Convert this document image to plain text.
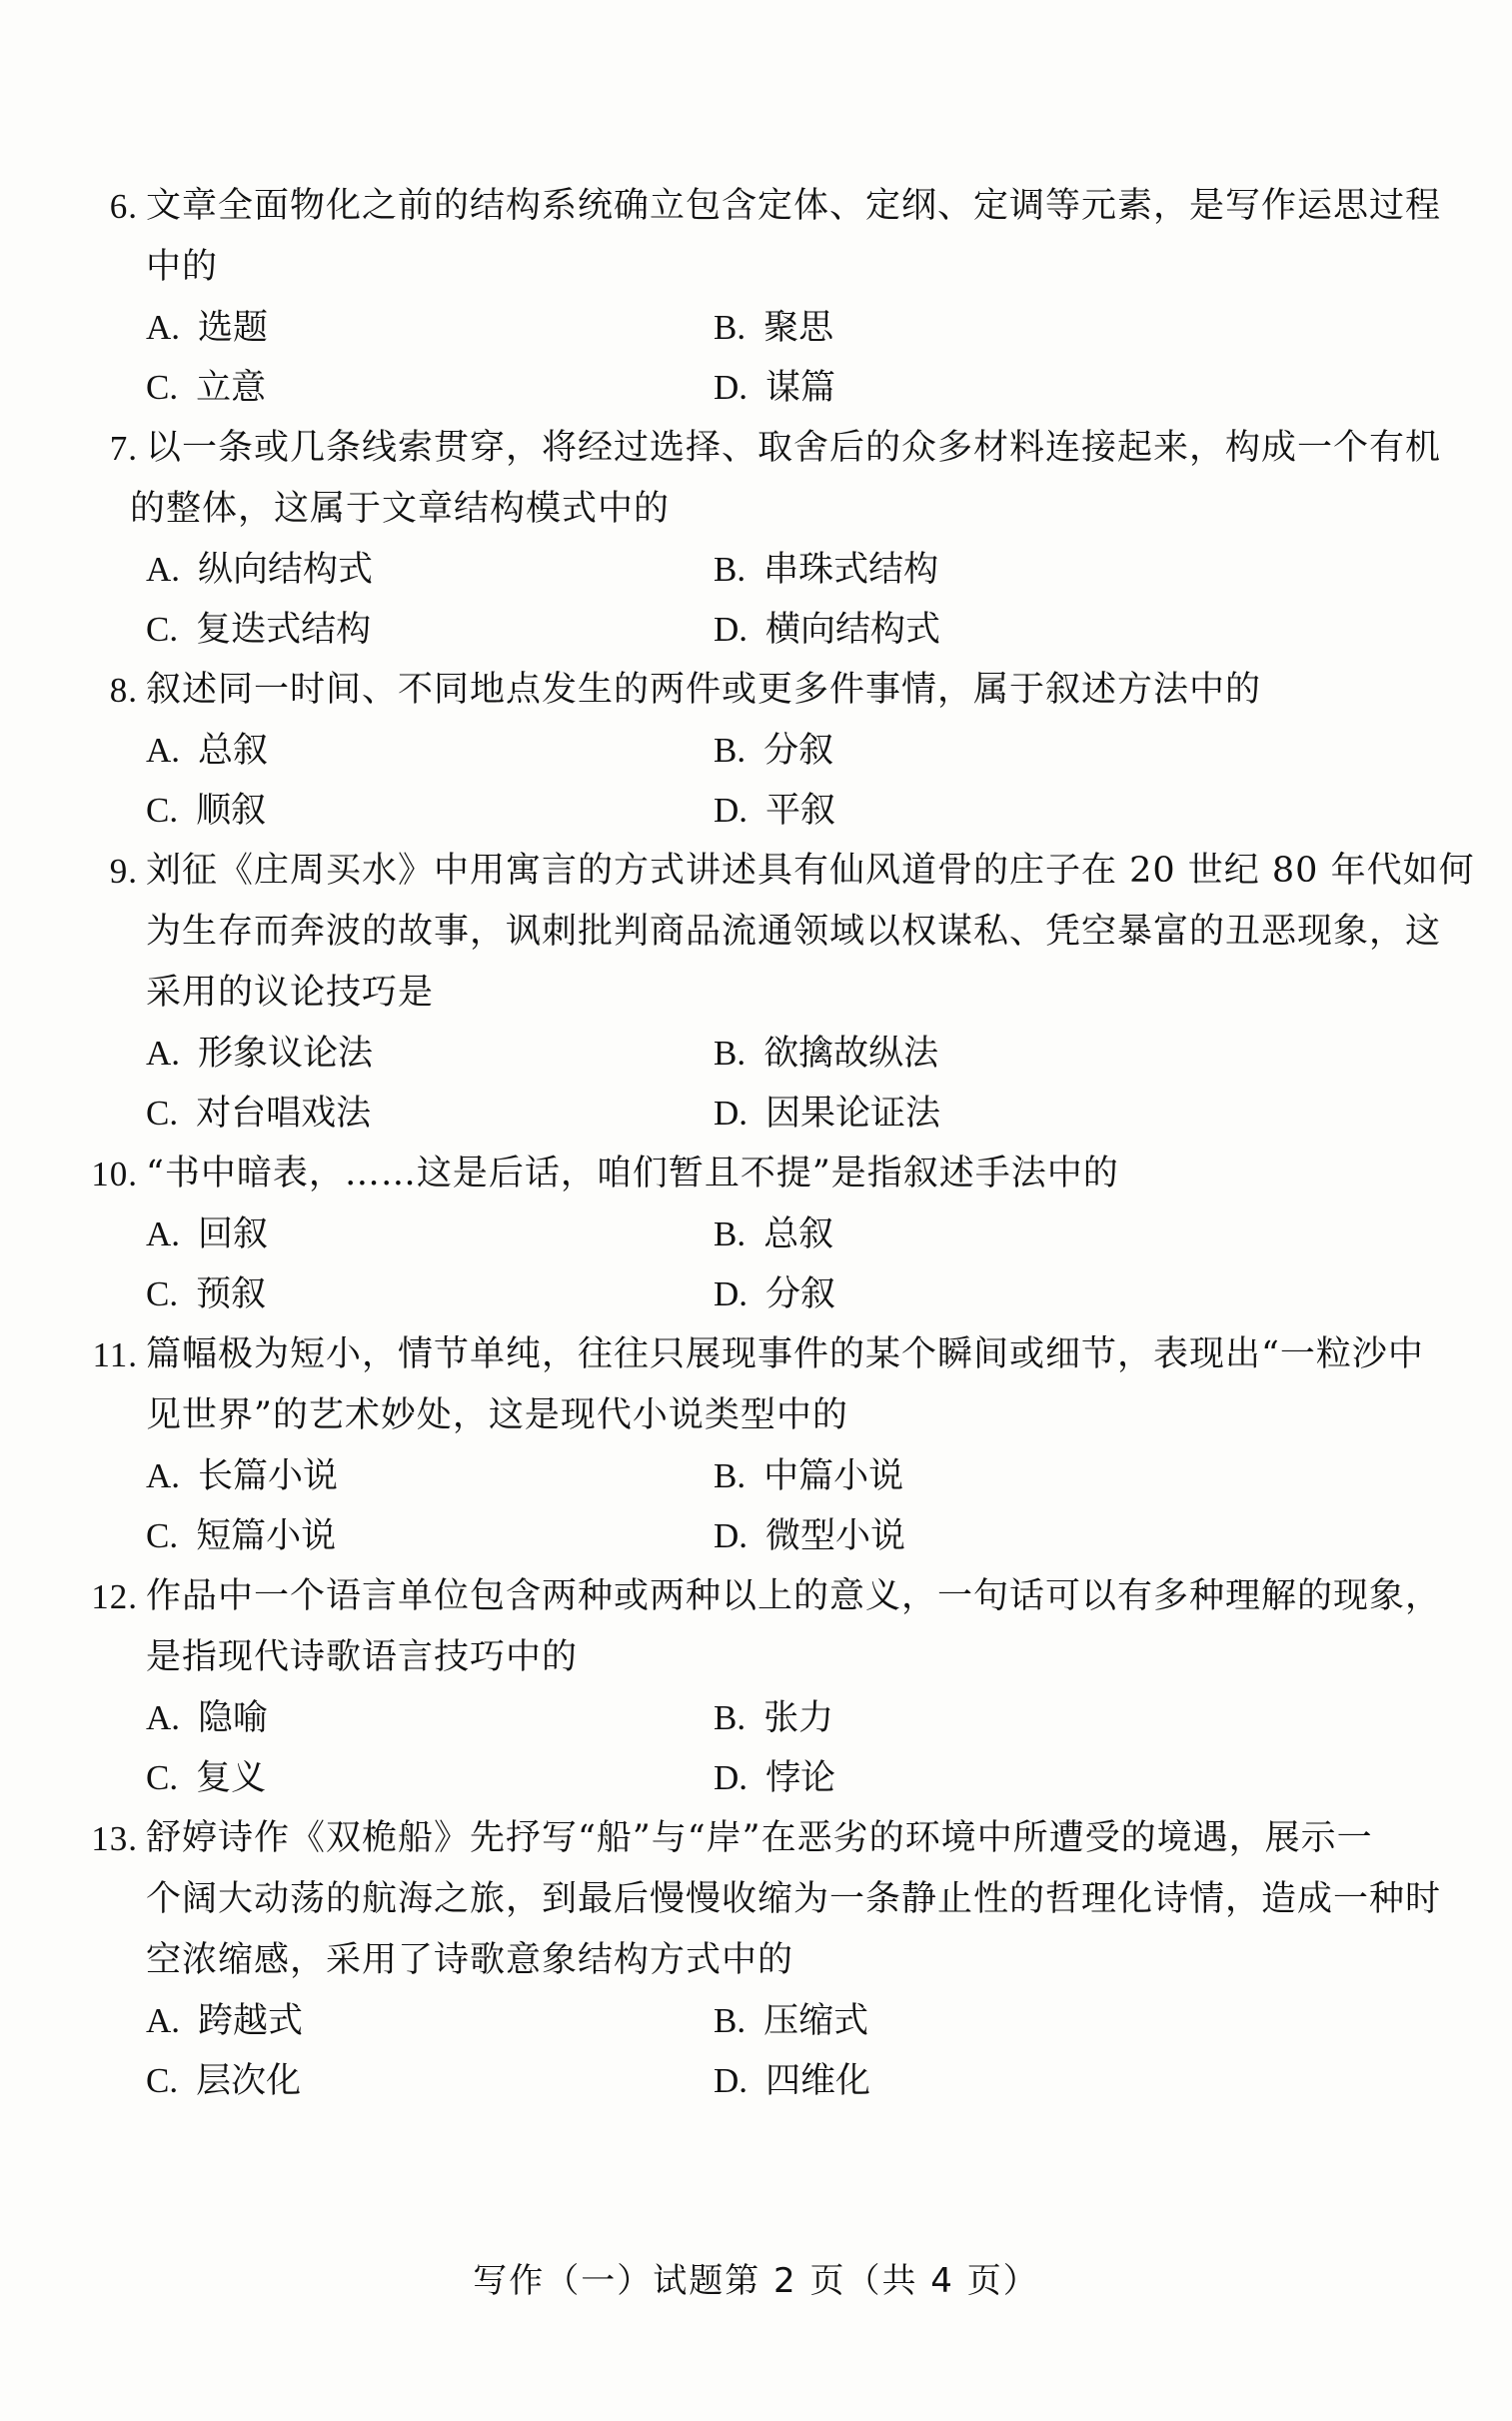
6. 文章全面物化之前的结构系统确立包含定体、定纲、定调等元素，是写作运思过程
中的
A. 选题	B. 聚思
C. 立意	D. 谋篇
7. 以一条或几条线索贯穿，将经过选择、取舍后的众多材料连接起来，构成一个有机
的整体，这属于文章结构模式中的
A. 纵向结构式	B. 串珠式结构
C. 复迭式结构	D. 横向结构式
8. 叙述同一时间、不同地点发生的两件或更多件事情，属于叙述方法中的
A. 总叙	B. 分叙
C. 顺叙	D. 平叙
9. 刘征《庄周买水》中用寓言的方式讲述具有仙风道骨的庄子在 20 世纪 80 年代如何
为生存而奔波的故事，讽刺批判商品流通领域以权谋私、凭空暴富的丑恶现象，这
采用的议论技巧是
A. 形象议论法	B. 欲擒故纵法
C. 对台唱戏法	D. 因果论证法
10. “书中暗表，……这是后话，咱们暂且不提”是指叙述手法中的
A. 回叙	B. 总叙
C. 预叙	D. 分叙
11. 篇幅极为短小，情节单纯，往往只展现事件的某个瞬间或细节，表现出“一粒沙中
见世界”的艺术妙处，这是现代小说类型中的
A. 长篇小说	B. 中篇小说
C. 短篇小说	D. 微型小说
12. 作品中一个语言单位包含两种或两种以上的意义，一句话可以有多种理解的现象，
是指现代诗歌语言技巧中的
A. 隐喻	B. 张力
C. 复义	D. 悖论
13. 舒婷诗作《双桅船》先抒写“船”与“岸”在恶劣的环境中所遭受的境遇，展示一
个阔大动荡的航海之旅，到最后慢慢收缩为一条静止性的哲理化诗情，造成一种时
空浓缩感，采用了诗歌意象结构方式中的
A. 跨越式	B. 压缩式
C. 层次化	D. 四维化
写作（一）试题第 2 页（共 4 页）
